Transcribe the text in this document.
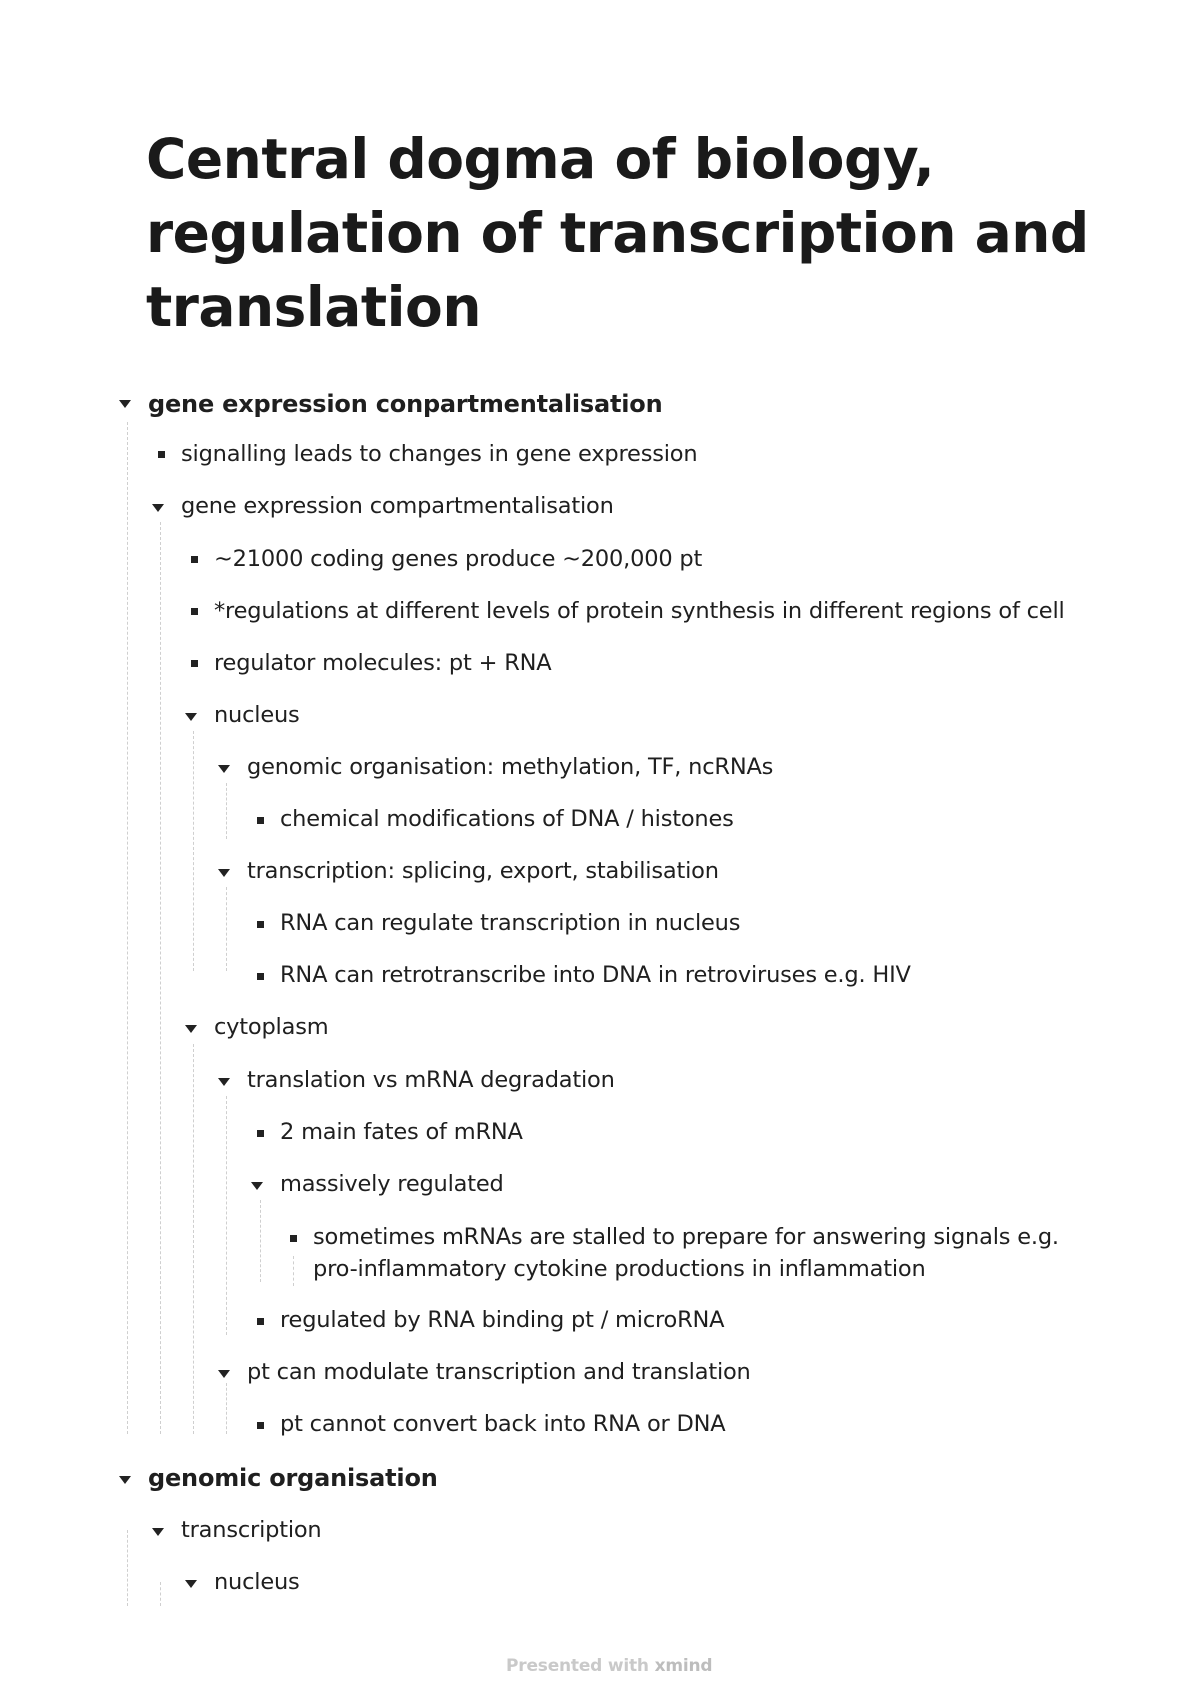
Central dogma of biology, regulation of transcription and translation
gene expression conpartmentalisation
signalling leads to changes in gene expression
gene expression compartmentalisation
~21000 coding genes produce ~200,000 pt
*regulations at different levels of protein synthesis in different regions of cell
regulator molecules: pt + RNA
nucleus
genomic organisation: methylation, TF, ncRNAs
chemical modifications of DNA / histones
transcription: splicing, export, stabilisation
RNA can regulate transcription in nucleus
RNA can retrotranscribe into DNA in retroviruses e.g. HIV
cytoplasm
translation vs mRNA degradation
2 main fates of mRNA
massively regulated
sometimes mRNAs are stalled to prepare for answering signals e.g. pro-inflammatory cytokine productions in inflammation
regulated by RNA binding pt / microRNA
pt can modulate transcription and translation
pt cannot convert back into RNA or DNA
genomic organisation
transcription
nucleus
Presented with xmind
